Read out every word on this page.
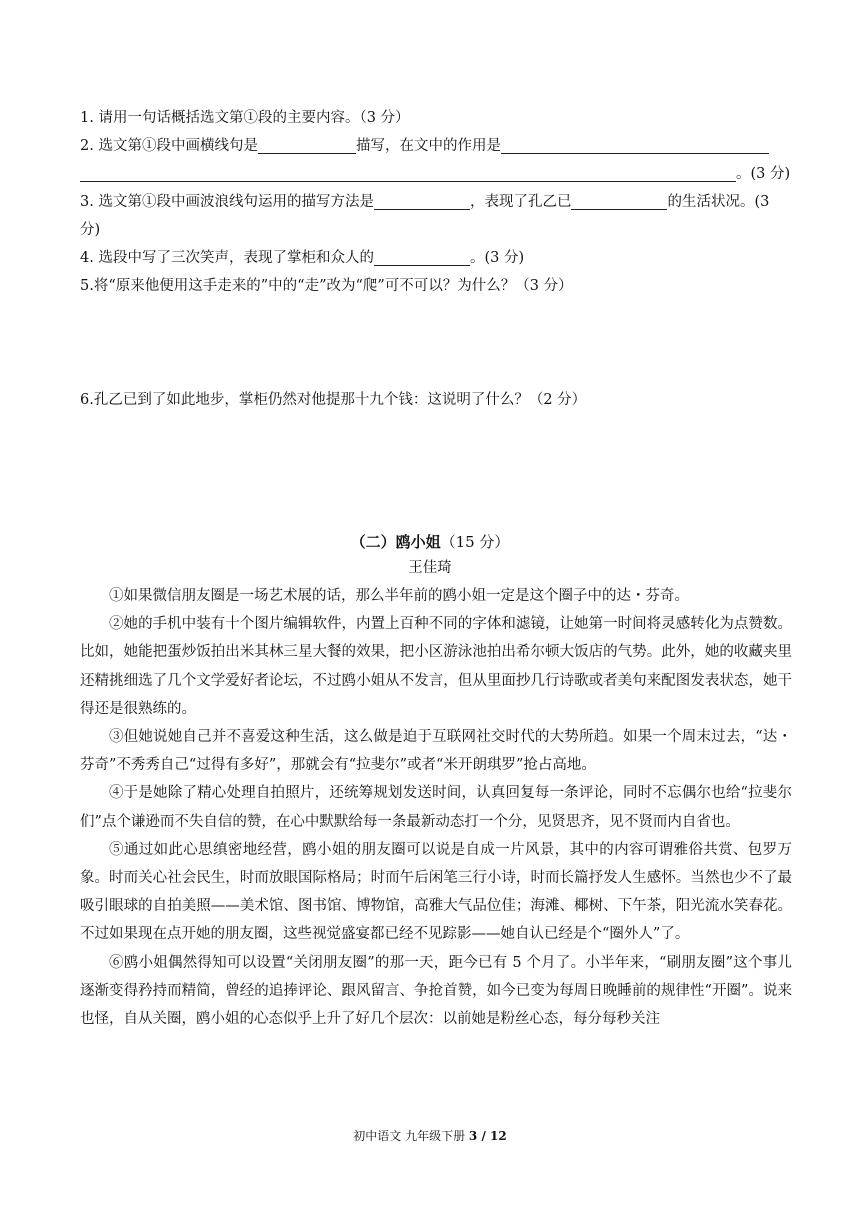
1. 请用一句话概括选文第①段的主要内容。（3 分）
2. 选文第①段中画横线句是	描写，在文中的作用是
。(3 分)
3. 选文第①段中画波浪线句运用的描写方法是	，表现了孔乙已	的生活状况。(3
分)
4. 选段中写了三次笑声，表现了掌柜和众人的	。(3 分)
5.将“原来他便用这手走来的”中的“走”改为“爬”可不可以？为什么？（3 分）
6.孔乙已到了如此地步，掌柜仍然对他提那十九个钱：这说明了什么？（2 分）
（二）鸥小姐（15 分）
王佳琦

①如果微信朋友圈是一场艺术展的话，那么半年前的鸥小姐一定是这个圈子中的达・芬奇。

②她的手机中装有十个图片编辑软件，内置上百种不同的字体和滤镜，让她第一时间将灵感转化为点赞数。比如，她能把蛋炒饭拍出米其林三星大餐的效果，把小区游泳池拍出希尔顿大饭店的气势。此外，她的收藏夹里还精挑细选了几个文学爱好者论坛，不过鸥小姐从不发言，但从里面抄几行诗歌或者美句来配图发表状态，她干得还是很熟练的。

③但她说她自己并不喜爱这种生活，这么做是迫于互联网社交时代的大势所趋。如果一个周末过去，“达・芬奇”不秀秀自己“过得有多好”，那就会有“拉斐尔”或者“米开朗琪罗”抢占高地。

④于是她除了精心处理自拍照片，还统筹规划发送时间，认真回复每一条评论，同时不忘偶尔也给“拉斐尔们”点个谦逊而不失自信的赞，在心中默默给每一条最新动态打一个分，见贤思齐，见不贤而内自省也。

⑤通过如此心思缜密地经营，鸥小姐的朋友圈可以说是自成一片风景，其中的内容可谓雅俗共赏、包罗万象。时而关心社会民生，时而放眼国际格局；时而午后闲笔三行小诗，时而长篇抒发人生感怀。当然也少不了最吸引眼球的自拍美照——美术馆、图书馆、博物馆，高雅大气品位佳；海滩、椰树、下午茶，阳光流水笑春花。不过如果现在点开她的朋友圈，这些视觉盛宴都已经不见踪影——她自认已经是个“圈外人”了。

⑥鸥小姐偶然得知可以设置“关闭朋友圈”的那一天，距今已有 5 个月了。小半年来，“刷朋友圈”这个事儿逐渐变得矜持而精简，曾经的追捧评论、跟风留言、争抢首赞，如今已变为每周日晚睡前的规律性“开圈”。说来也怪，自从关圈，鸥小姐的心态似乎上升了好几个层次：以前她是粉丝心态，每分每秒关注

初中语文 九年级下册 3 / 12
